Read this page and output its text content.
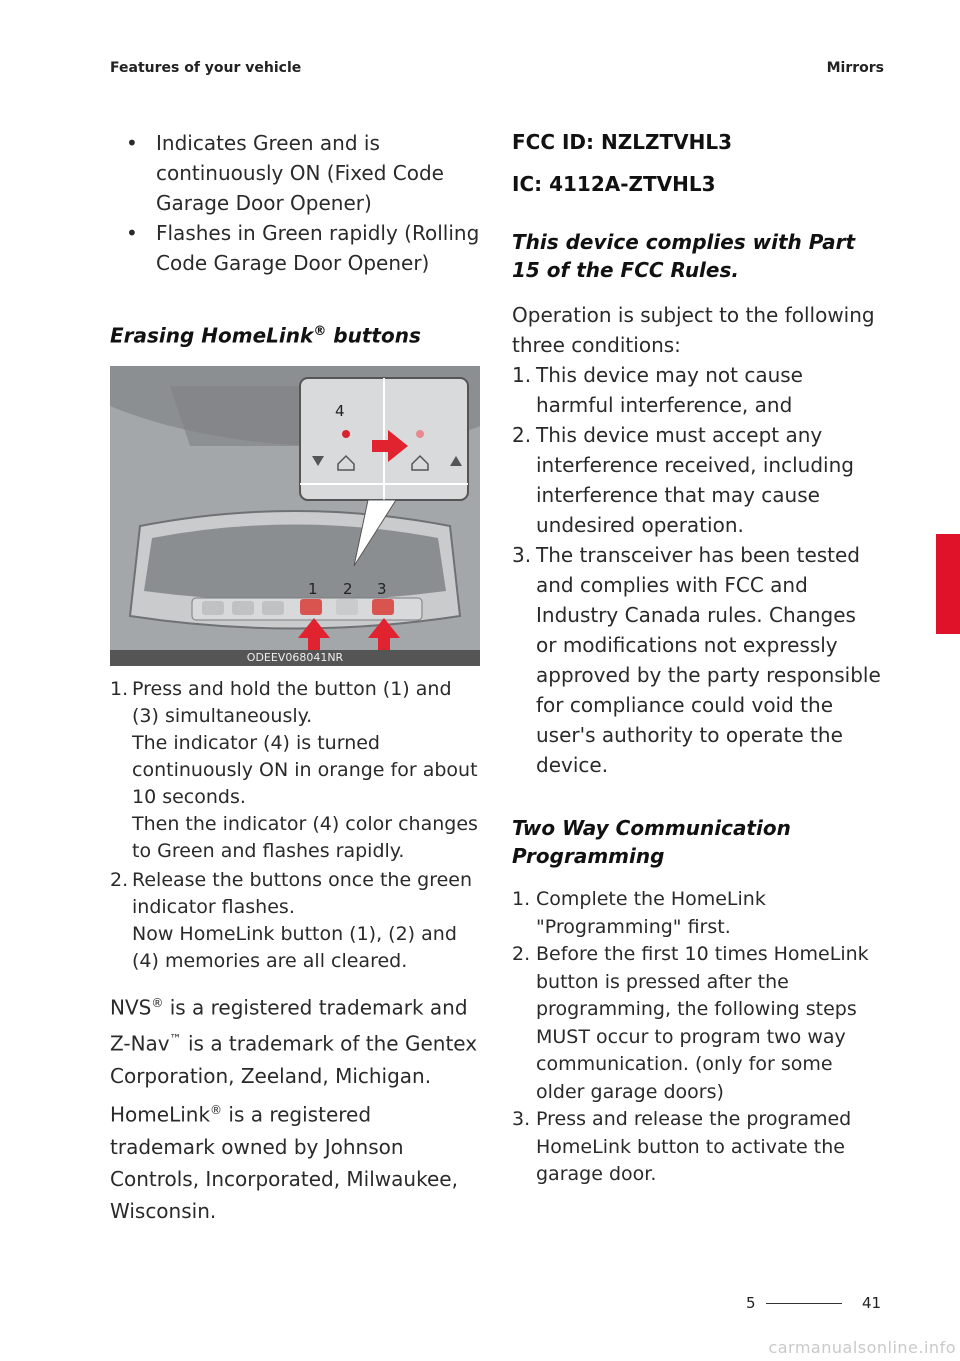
Features of your vehicle	Mirrors
• Indicates Green and is continuously ON (Fixed Code Garage Door Opener)
• Flashes in Green rapidly (Rolling Code Garage Door Opener)
Erasing HomeLink® buttons
4
1 2 3
ODEEV068041NR
1. Press and hold the button (1) and (3) simultaneously.
The indicator (4) is turned continuously ON in orange for about 10 seconds.
Then the indicator (4) color changes to Green and flashes rapidly.
2. Release the buttons once the green indicator flashes.
Now HomeLink button (1), (2) and (4) memories are all cleared.
NVS® is a registered trademark and Z-Nav™ is a trademark of the Gentex Corporation, Zeeland, Michigan.
HomeLink® is a registered trademark owned by Johnson Controls, Incorporated, Milwaukee, Wisconsin.
FCC ID: NZLZTVHL3
IC: 4112A-ZTVHL3
This device complies with Part 15 of the FCC Rules.
Operation is subject to the following three conditions:
1. This device may not cause harmful interference, and
2. This device must accept any interference received, including interference that may cause undesired operation.
3. The transceiver has been tested and complies with FCC and Industry Canada rules. Changes or modifications not expressly approved by the party responsible for compliance could void the user's authority to operate the device.
Two Way Communication Programming
1. Complete the HomeLink "Programming" first.
2. Before the first 10 times HomeLink button is pressed after the programming, the following steps MUST occur to program two way communication. (only for some older garage doors)
3. Press and release the programed HomeLink button to activate the garage door.
5
5	41
carmanualsonline.info
